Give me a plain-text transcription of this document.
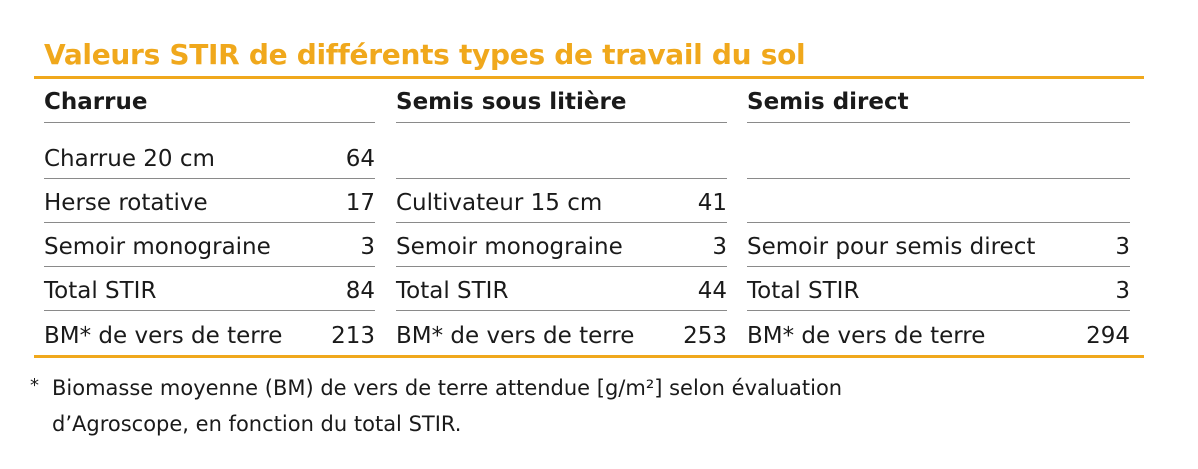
Valeurs STIR de différents types de travail du sol
Charrue
Charrue 20 cm	64
Herse rotative	17
Semoir monograine	3
Total STIR	84
BM* de vers de terre	213
Semis sous litière
Cultivateur 15 cm	41
Semoir monograine	3
Total STIR	44
BM* de vers de terre	253
Semis direct
Semoir pour semis direct	3
Total STIR	3
BM* de vers de terre	294
* Biomasse moyenne (BM) de vers de terre attendue [g/m²] selon évaluation
d’Agroscope, en fonction du total STIR.
